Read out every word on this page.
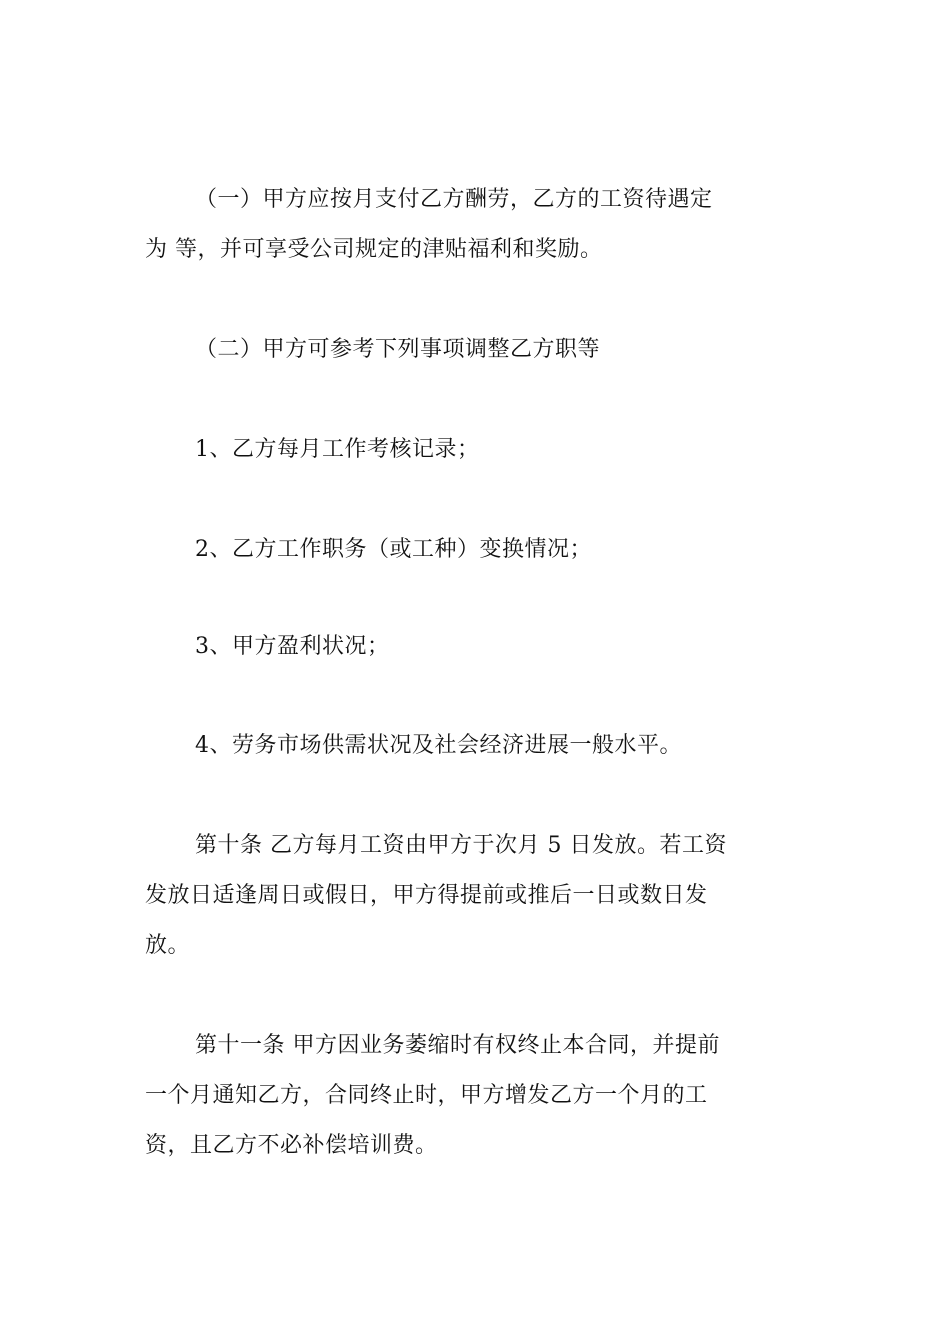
（一）甲方应按月支付乙方酬劳，乙方的工资待遇定
为 等，并可享受公司规定的津贴福利和奖励。
（二）甲方可参考下列事项调整乙方职等
1、乙方每月工作考核记录；
2、乙方工作职务（或工种）变换情况；
3、甲方盈利状况；
4、劳务市场供需状况及社会经济进展一般水平。
第十条 乙方每月工资由甲方于次月 5 日发放。若工资
发放日适逢周日或假日，甲方得提前或推后一日或数日发
放。
第十一条 甲方因业务萎缩时有权终止本合同，并提前
一个月通知乙方，合同终止时，甲方增发乙方一个月的工
资，且乙方不必补偿培训费。
